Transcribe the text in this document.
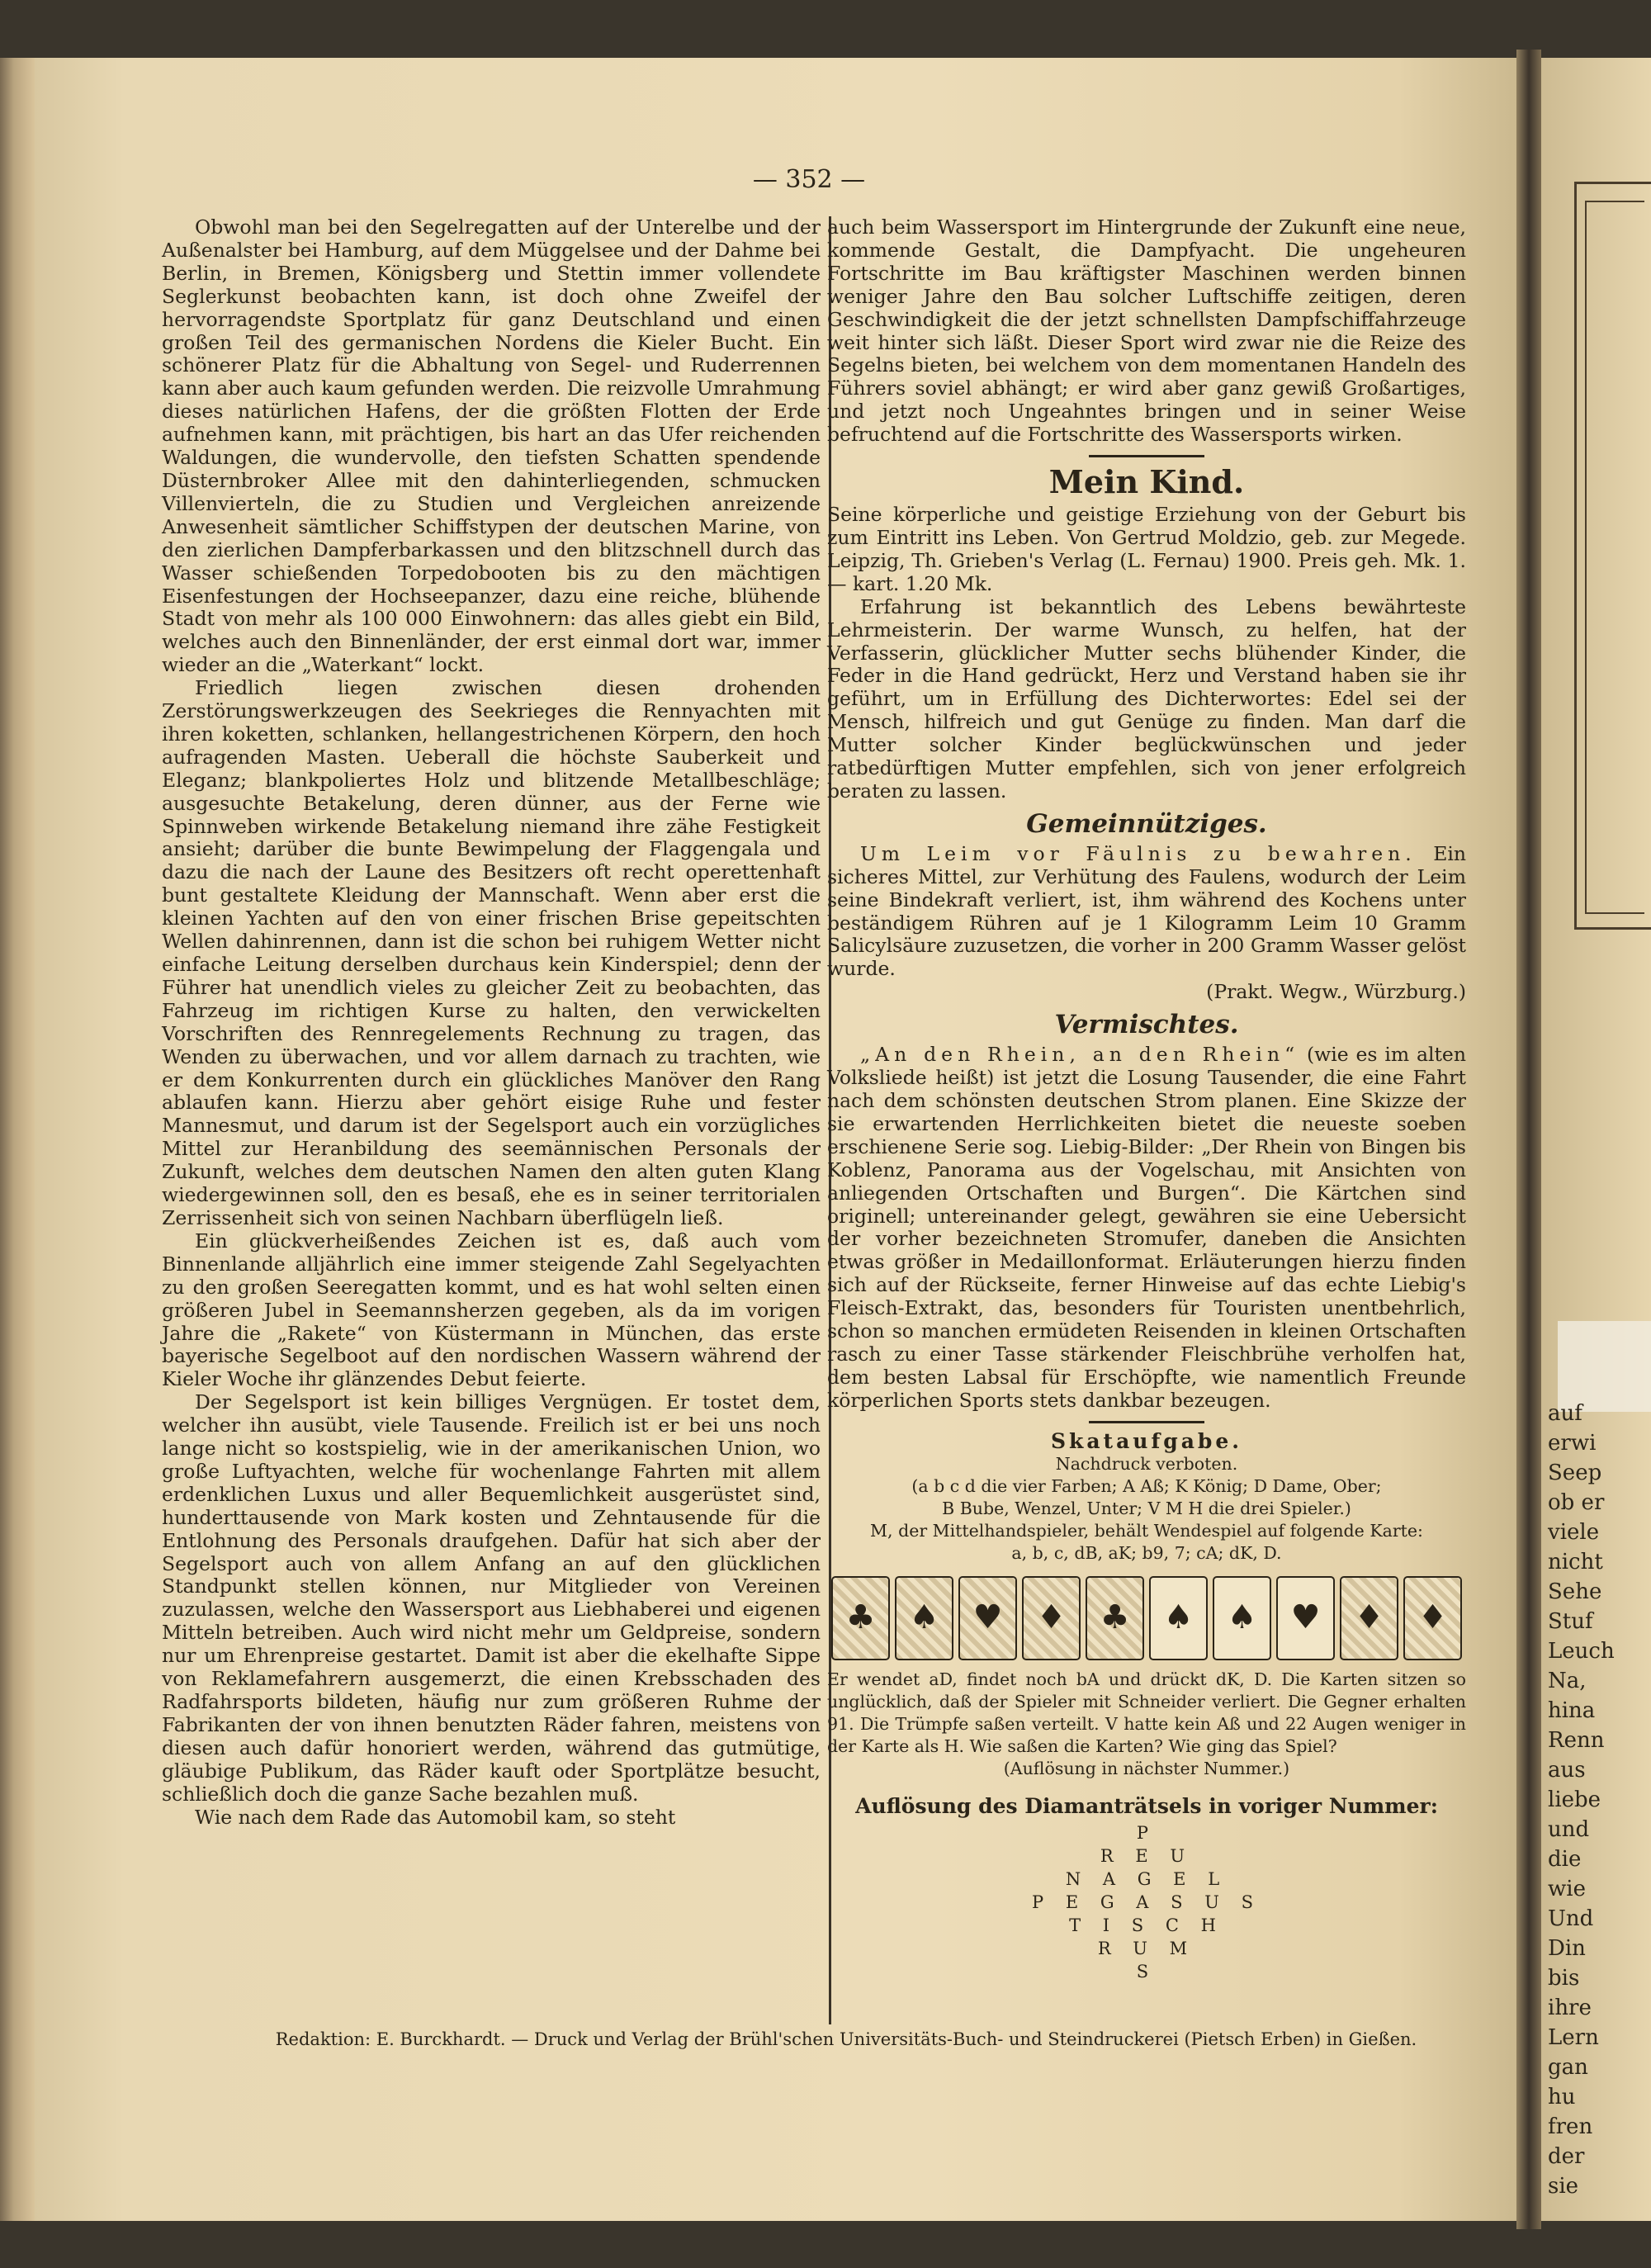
auf
erwi
Seep
ob er
viele
nicht
Sehe
Stuf
Leuch
Na,
hina
Renn
aus
liebe
und
die
wie
Und
Din
bis
ihre
Lern
gan
hu
fren
der
sie
— 352 —

Obwohl man bei den Segelregatten auf der Unterelbe und der Außenalster bei Hamburg, auf dem Müggelsee und der Dahme bei Berlin, in Bremen, Königsberg und Stettin immer vollendete Seglerkunst beobachten kann, ist doch ohne Zweifel der hervorragendste Sportplatz für ganz Deutschland und einen großen Teil des germanischen Nordens die Kieler Bucht. Ein schönerer Platz für die Abhaltung von Segel- und Ruderrennen kann aber auch kaum gefunden werden. Die reizvolle Umrahmung dieses natürlichen Hafens, der die größten Flotten der Erde aufnehmen kann, mit prächtigen, bis hart an das Ufer reichenden Waldungen, die wundervolle, den tiefsten Schatten spendende Düsternbroker Allee mit den dahinterliegenden, schmucken Villenvierteln, die zu Studien und Vergleichen anreizende Anwesenheit sämtlicher Schiffstypen der deutschen Marine, von den zierlichen Dampferbarkassen und den blitzschnell durch das Wasser schießenden Torpedobooten bis zu den mächtigen Eisenfestungen der Hochseepanzer, dazu eine reiche, blühende Stadt von mehr als 100 000 Einwohnern: das alles giebt ein Bild, welches auch den Binnenländer, der erst einmal dort war, immer wieder an die „Waterkant“ lockt.

Friedlich liegen zwischen diesen drohenden Zerstörungswerkzeugen des Seekrieges die Rennyachten mit ihren koketten, schlanken, hellangestrichenen Körpern, den hoch aufragenden Masten. Ueberall die höchste Sauberkeit und Eleganz; blankpoliertes Holz und blitzende Metallbeschläge; ausgesuchte Betakelung, deren dünner, aus der Ferne wie Spinnweben wirkende Betakelung niemand ihre zähe Festigkeit ansieht; darüber die bunte Bewimpelung der Flaggengala und dazu die nach der Laune des Besitzers oft recht operettenhaft bunt gestaltete Kleidung der Mannschaft. Wenn aber erst die kleinen Yachten auf den von einer frischen Brise gepeitschten Wellen dahinrennen, dann ist die schon bei ruhigem Wetter nicht einfache Leitung derselben durchaus kein Kinderspiel; denn der Führer hat unendlich vieles zu gleicher Zeit zu beobachten, das Fahrzeug im richtigen Kurse zu halten, den verwickelten Vorschriften des Rennregelements Rechnung zu tragen, das Wenden zu überwachen, und vor allem darnach zu trachten, wie er dem Konkurrenten durch ein glückliches Manöver den Rang ablaufen kann. Hierzu aber gehört eisige Ruhe und fester Mannesmut, und darum ist der Segelsport auch ein vorzügliches Mittel zur Heranbildung des seemännischen Personals der Zukunft, welches dem deutschen Namen den alten guten Klang wiedergewinnen soll, den es besaß, ehe es in seiner territorialen Zerrissenheit sich von seinen Nachbarn überflügeln ließ.

Ein glückverheißendes Zeichen ist es, daß auch vom Binnenlande alljährlich eine immer steigende Zahl Segelyachten zu den großen Seeregatten kommt, und es hat wohl selten einen größeren Jubel in Seemannsherzen gegeben, als da im vorigen Jahre die „Rakete“ von Küstermann in München, das erste bayerische Segelboot auf den nordischen Wassern während der Kieler Woche ihr glänzendes Debut feierte.

Der Segelsport ist kein billiges Vergnügen. Er tostet dem, welcher ihn ausübt, viele Tausende. Freilich ist er bei uns noch lange nicht so kostspielig, wie in der amerikanischen Union, wo große Luftyachten, welche für wochenlange Fahrten mit allem erdenklichen Luxus und aller Bequemlichkeit ausgerüstet sind, hunderttausende von Mark kosten und Zehntausende für die Entlohnung des Personals draufgehen. Dafür hat sich aber der Segelsport auch von allem Anfang an auf den glücklichen Standpunkt stellen können, nur Mitglieder von Vereinen zuzulassen, welche den Wassersport aus Liebhaberei und eigenen Mitteln betreiben. Auch wird nicht mehr um Geldpreise, sondern nur um Ehrenpreise gestartet. Damit ist aber die ekelhafte Sippe von Reklamefahrern ausgemerzt, die einen Krebsschaden des Radfahrsports bildeten, häufig nur zum größeren Ruhme der Fabrikanten der von ihnen benutzten Räder fahren, meistens von diesen auch dafür honoriert werden, während das gutmütige, gläubige Publikum, das Räder kauft oder Sportplätze besucht, schließlich doch die ganze Sache bezahlen muß.

Wie nach dem Rade das Automobil kam, so steht

auch beim Wassersport im Hintergrunde der Zukunft eine neue, kommende Gestalt, die Dampfyacht. Die ungeheuren Fortschritte im Bau kräftigster Maschinen werden binnen weniger Jahre den Bau solcher Luftschiffe zeitigen, deren Geschwindigkeit die der jetzt schnellsten Dampfschiffahrzeuge weit hinter sich läßt. Dieser Sport wird zwar nie die Reize des Segelns bieten, bei welchem von dem momentanen Handeln des Führers soviel abhängt; er wird aber ganz gewiß Großartiges, und jetzt noch Ungeahntes bringen und in seiner Weise befruchtend auf die Fortschritte des Wassersports wirken.

Mein Kind.

Seine körperliche und geistige Erziehung von der Geburt bis zum Eintritt ins Leben. Von Gertrud Moldzio, geb. zur Megede. Leipzig, Th. Grieben's Verlag (L. Fernau) 1900. Preis geh. Mk. 1.— kart. 1.20 Mk.

Erfahrung ist bekanntlich des Lebens bewährteste Lehrmeisterin. Der warme Wunsch, zu helfen, hat der Verfasserin, glücklicher Mutter sechs blühender Kinder, die Feder in die Hand gedrückt, Herz und Verstand haben sie ihr geführt, um in Erfüllung des Dichterwortes: Edel sei der Mensch, hilfreich und gut Genüge zu finden. Man darf die Mutter solcher Kinder beglückwünschen und jeder ratbedürftigen Mutter empfehlen, sich von jener erfolgreich beraten zu lassen.

Gemeinnütziges.

Um Leim vor Fäulnis zu bewahren. Ein sicheres Mittel, zur Verhütung des Faulens, wodurch der Leim seine Bindekraft verliert, ist, ihm während des Kochens unter beständigem Rühren auf je 1 Kilogramm Leim 10 Gramm Salicylsäure zuzusetzen, die vorher in 200 Gramm Wasser gelöst wurde.

(Prakt. Wegw., Würzburg.)

Vermischtes.

„An den Rhein, an den Rhein“ (wie es im alten Volksliede heißt) ist jetzt die Losung Tausender, die eine Fahrt nach dem schönsten deutschen Strom planen. Eine Skizze der sie erwartenden Herrlichkeiten bietet die neueste soeben erschienene Serie sog. Liebig-Bilder: „Der Rhein von Bingen bis Koblenz, Panorama aus der Vogelschau, mit Ansichten von anliegenden Ortschaften und Burgen“. Die Kärtchen sind originell; untereinander gelegt, gewähren sie eine Uebersicht der vorher bezeichneten Stromufer, daneben die Ansichten etwas größer in Medaillonformat. Erläuterungen hierzu finden sich auf der Rückseite, ferner Hinweise auf das echte Liebig's Fleisch-Extrakt, das, besonders für Touristen unentbehrlich, schon so manchen ermüdeten Reisenden in kleinen Ortschaften rasch zu einer Tasse stärkender Fleischbrühe verholfen hat, dem besten Labsal für Erschöpfte, wie namentlich Freunde körperlichen Sports stets dankbar bezeugen.

Skataufgabe.
Nachdruck verboten.
(a b c d die vier Farben; A Aß; K König; D Dame, Ober;
B Bube, Wenzel, Unter; V M H die drei Spieler.)
M, der Mittelhandspieler, behält Wendespiel auf folgende Karte:
a, b, c, dB, aK; b9, 7; cA; dK, D.
♣	♠	♥	♦	♣	♠	♠	♥	♦	♦
Er wendet aD, findet noch bA und drückt dK, D. Die Karten sitzen so unglücklich, daß der Spieler mit Schneider verliert. Die Gegner erhalten 91. Die Trümpfe saßen verteilt. V hatte kein Aß und 22 Augen weniger in der Karte als H. Wie saßen die Karten? Wie ging das Spiel?
(Auflösung in nächster Nummer.)
Auflösung des Diamanträtsels in voriger Nummer:
P
R E U
N A G E L
P E G A S U S
T I S C H
R U M
S
Redaktion: E. Burckhardt. — Druck und Verlag der Brühl'schen Universitäts-Buch- und Steindruckerei (Pietsch Erben) in Gießen.
